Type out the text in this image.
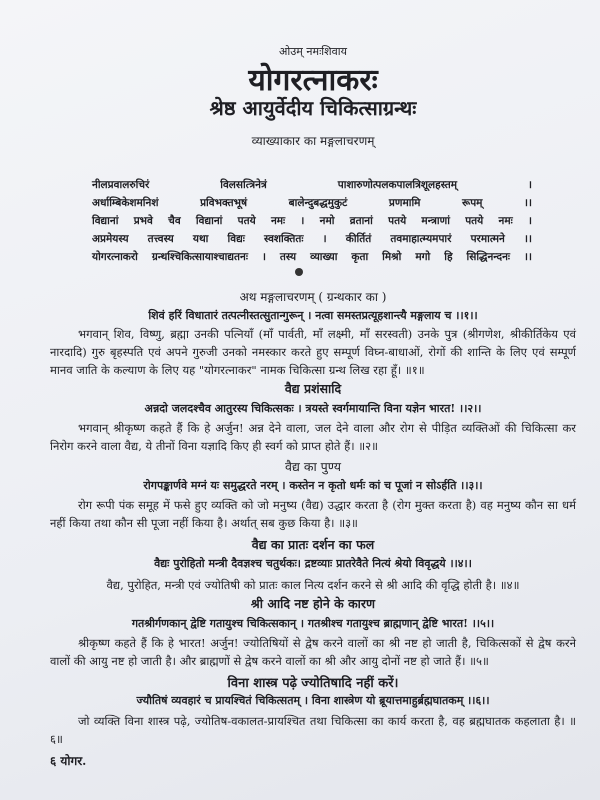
ओउम् नमःशिवाय
योगरत्नाकरः
श्रेष्ठ आयुर्वेदीय चिकित्साग्रन्थः
व्याख्याकार का मङ्गलाचरणम्
नीलप्रवालरुचिरं विलसत्त्रिनेत्रं पाशारुणोत्पलकपालत्रिशूलहस्तम् ।
अर्धाम्बिकेशमनिशं प्रविभक्तभूषं बालेन्दुबद्धमुकुटं प्रणमामि रूपम् ।।
विद्यानां प्रभवे चैव विद्यानां पतये नमः । नमो व्रतानां पतये मन्त्राणां पतये नमः ।
अप्रमेयस्य तत्त्वस्य यथा विद्यः स्वशक्तितः । कीर्तितं तवमाहात्म्यमपारं परमात्मने ।।
योगरत्नाकरो ग्रन्थश्चिकित्सायाश्चाद्यतनः । तस्य व्याख्या कृता मिश्रो मगो हि सिद्धिनन्दनः ।।
अथ मङ्गलाचरणम् ( ग्रन्थकार का )
शिवं हरिं विधातारं तत्पत्नीस्तत्सुतान्गुरून् । नत्वा समस्तप्रत्यूहशान्त्यै मङ्गलाय च ।।१।।
भगवान् शिव, विष्णु, ब्रह्मा उनकी पत्नियाँ (माँ पार्वती, माँ लक्ष्मी, माँ सरस्वती) उनके पुत्र (श्रीगणेश, श्रीकीर्तिकेय एवं नारदादि) गुरु बृहस्पति एवं अपने गुरुजी उनको नमस्कार करते हुए सम्पूर्ण विघ्न-बाधाओं, रोगों की शान्ति के लिए एवं सम्पूर्ण मानव जाति के कल्याण के लिए यह "योगरत्नाकर" नामक चिकित्सा ग्रन्थ लिख रहा हूँ। ॥१॥
वैद्य प्रशंसादि
अन्नदो जलदश्चैव आतुरस्य चिकित्सकः । त्रयस्ते स्वर्गमायान्ति विना यज्ञेन भारत! ।।२।।
भगवान् श्रीकृष्ण कहते हैं कि हे अर्जुन! अन्न देने वाला, जल देने वाला और रोग से पीड़ित व्यक्तिओं की चिकित्सा कर निरोग करने वाला वैद्य, ये तीनों विना यज्ञादि किए ही स्वर्ग को प्राप्त होते हैं। ॥२॥
वैद्य का पुण्य
रोगपङ्कार्णवे मग्नं यः समुद्धरते नरम् । कस्तेन न कृतो धर्मः कां च पूजां न सोऽर्हति ।।३।।
रोग रूपी पंक समूह में फसे हुए व्यक्ति को जो मनुष्य (वैद्य) उद्धार करता है (रोग मुक्त करता है) वह मनुष्य कौन सा धर्म नहीं किया तथा कौन सी पूजा नहीं किया है। अर्थात् सब कुछ किया है। ॥३॥
वैद्य का प्रातः दर्शन का फल
वैद्यः पुरोहितो मन्त्री दैवज्ञश्च चतुर्थकः। द्रष्टव्याः प्रातरेवैते नित्यं श्रेयो विवृद्धये ।।४।।
वैद्य, पुरोहित, मन्त्री एवं ज्योतिषी को प्रातः काल नित्य दर्शन करने से श्री आदि की वृद्धि होती है। ॥४॥
श्री आदि नष्ट होने के कारण
गतश्रीर्गणकान् द्वेष्टि गतायुश्च चिकित्सकान् । गतश्रीश्च गतायुश्च ब्राह्मणान् द्वेष्टि भारत! ।।५।।
श्रीकृष्ण कहते हैं कि हे भारत! अर्जुन! ज्योतिषियों से द्वेष करने वालों का श्री नष्ट हो जाती है, चिकित्सकों से द्वेष करने वालों की आयु नष्ट हो जाती है। और ब्राह्मणों से द्वेष करने वालों का श्री और आयु दोनों नष्ट हो जाते हैं। ॥५॥
विना शास्त्र पढ़े ज्योतिषादि नहीं करें।
ज्यौतिषं व्यवहारं च प्रायश्चितं चिकित्सतम् । विना शास्त्रेण यो ब्रूयात्तमाहुर्ब्रह्मघातकम् ।।६।।
जो व्यक्ति विना शास्त्र पढ़े, ज्योतिष-वकालत-प्रायश्चित तथा चिकित्सा का कार्य करता है, वह ब्रह्मघातक कहलाता है। ॥६॥
६ योगर.
